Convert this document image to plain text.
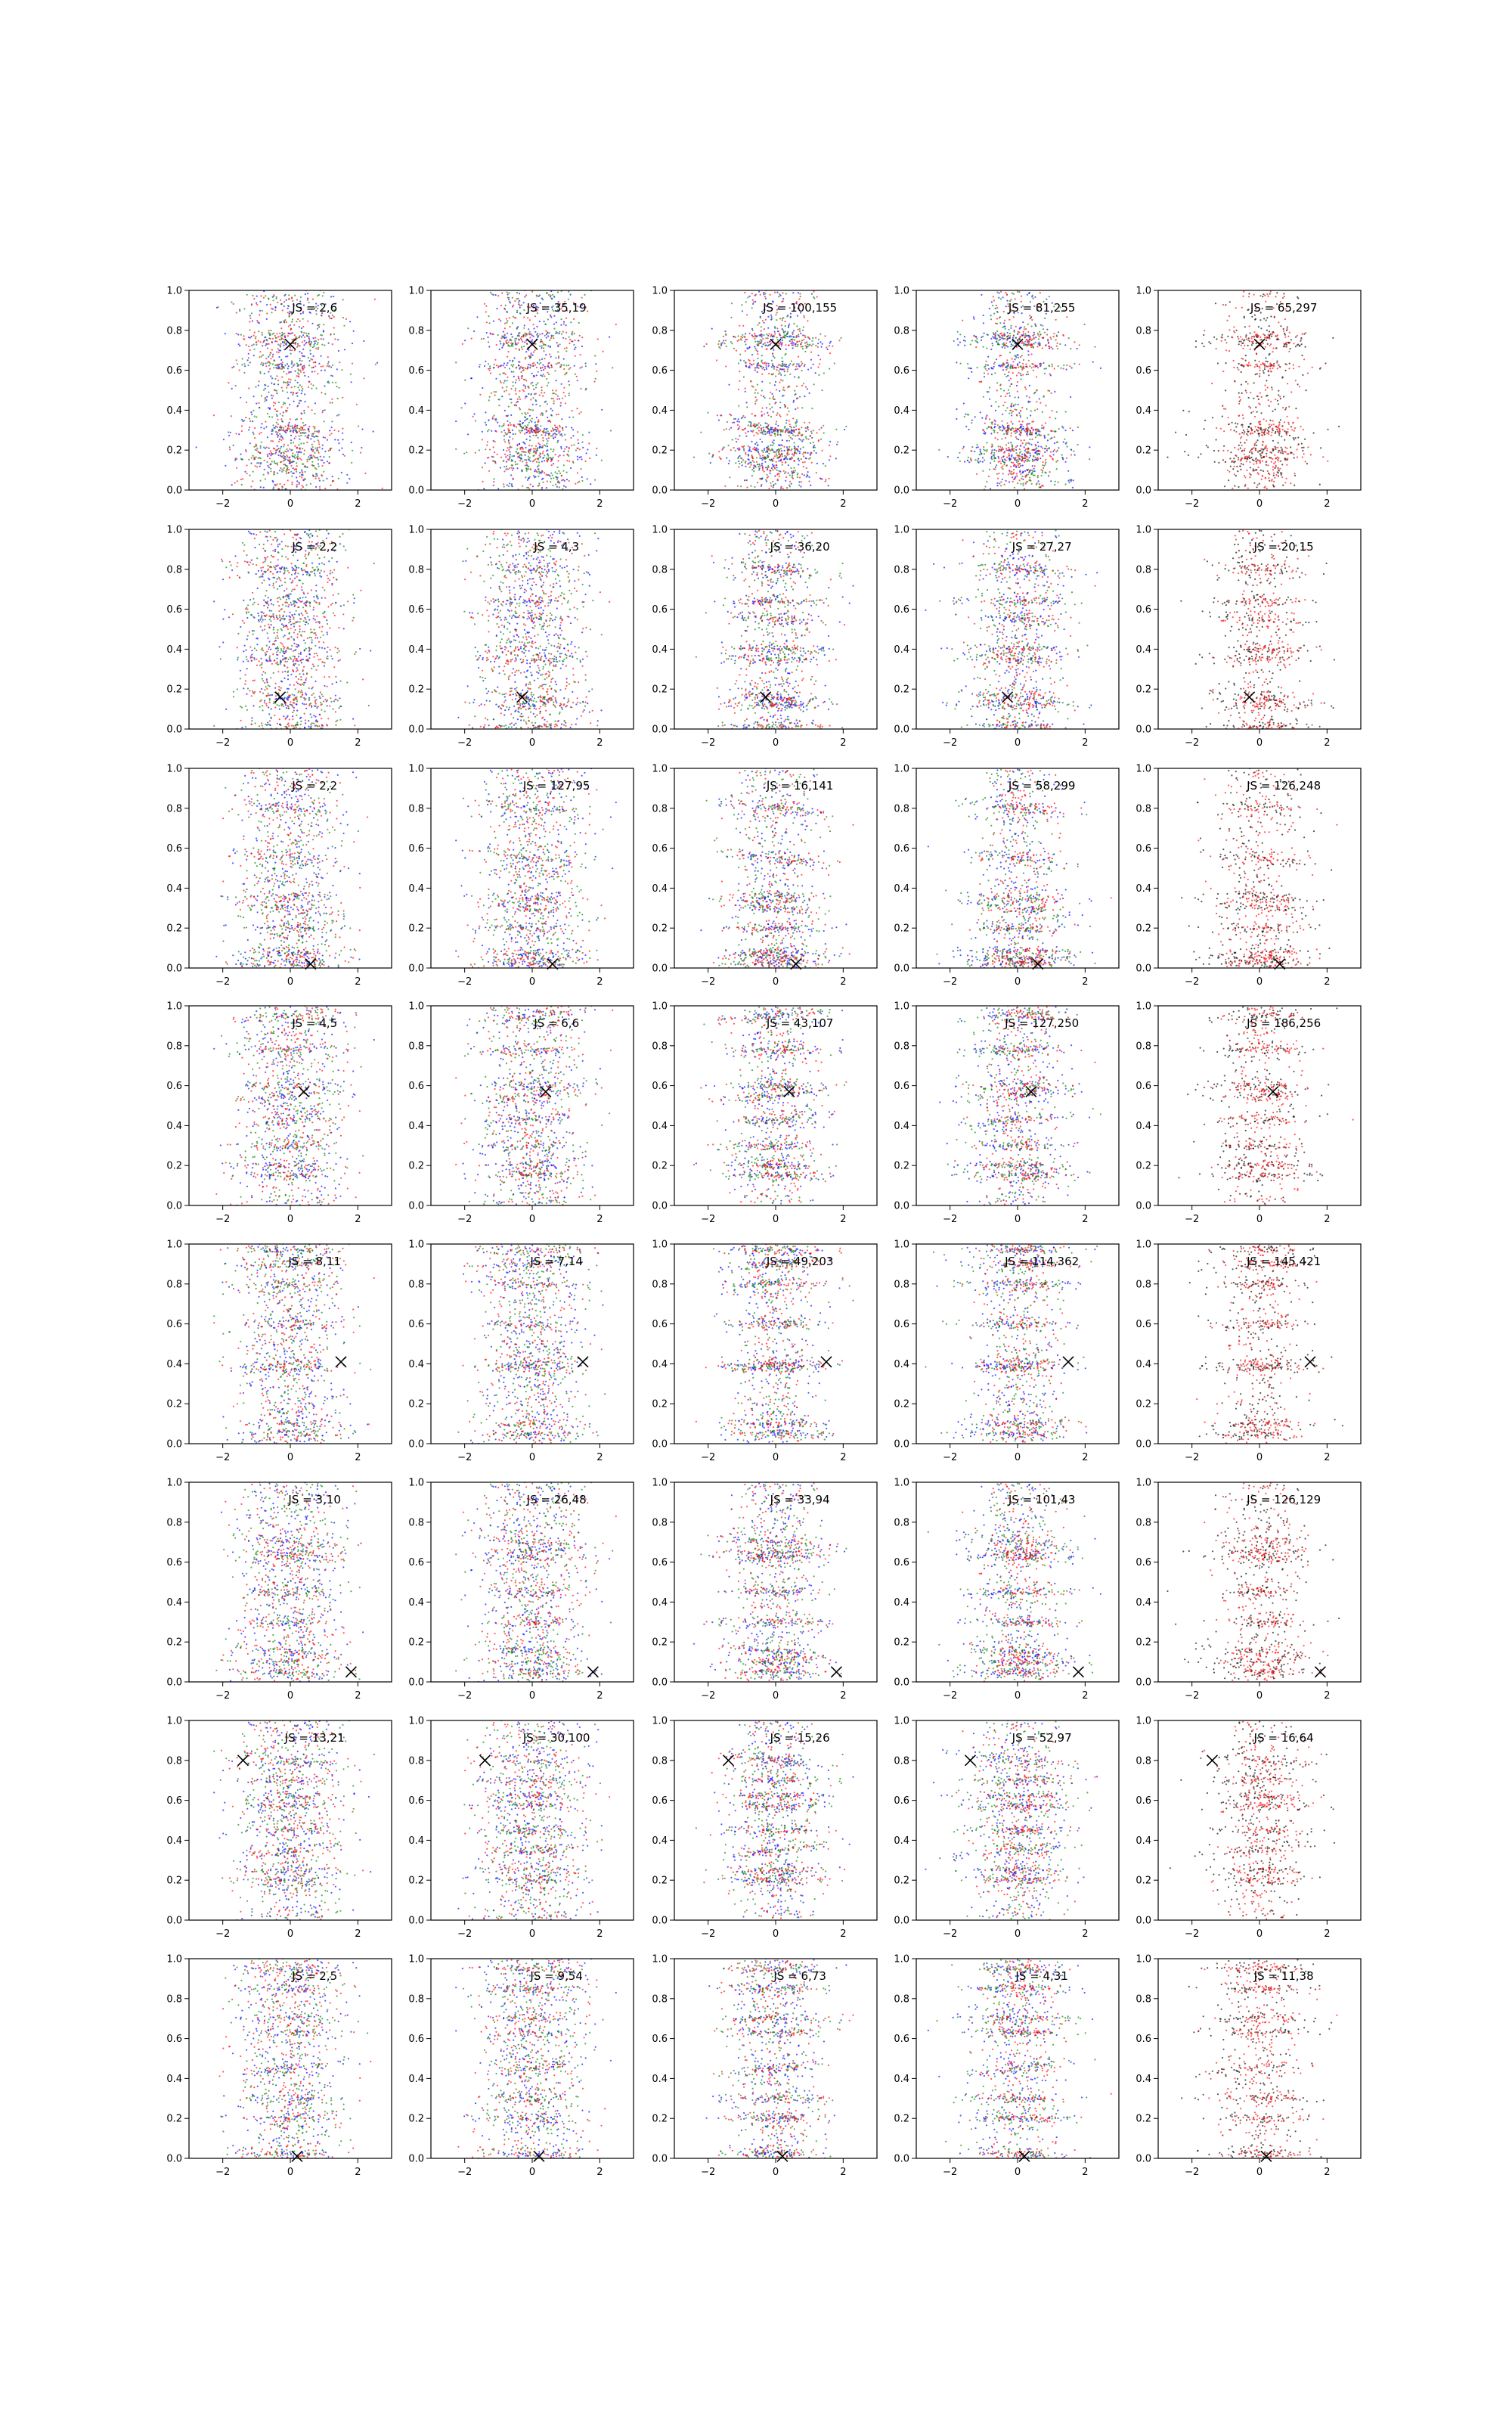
−2	0	2
0.0
0.2
0.4
0.6
0.8
1.0
JS = 2,6
−2	0	2
0.0
0.2
0.4
0.6
0.8
1.0
JS = 35,19
−2	0	2
0.0
0.2
0.4
0.6
0.8
1.0
JS = 100,155
−2	0	2
0.0
0.2
0.4
0.6
0.8
1.0
JS = 81,255
−2	0	2
0.0
0.2
0.4
0.6
0.8
1.0
JS = 65,297
−2	0	2
0.0
0.2
0.4
0.6
0.8
1.0
JS = 2,2
−2	0	2
0.0
0.2
0.4
0.6
0.8
1.0
JS = 4,3
−2	0	2
0.0
0.2
0.4
0.6
0.8
1.0
JS = 36,20
−2	0	2
0.0
0.2
0.4
0.6
0.8
1.0
JS = 27,27
−2	0	2
0.0
0.2
0.4
0.6
0.8
1.0
JS = 20,15
−2	0	2
0.0
0.2
0.4
0.6
0.8
1.0
JS = 2,2
−2	0	2
0.0
0.2
0.4
0.6
0.8
1.0
JS = 127,95
−2	0	2
0.0
0.2
0.4
0.6
0.8
1.0
JS = 16,141
−2	0	2
0.0
0.2
0.4
0.6
0.8
1.0
JS = 58,299
−2	0	2
0.0
0.2
0.4
0.6
0.8
1.0
JS = 126,248
−2	0	2
0.0
0.2
0.4
0.6
0.8
1.0
JS = 4,5
−2	0	2
0.0
0.2
0.4
0.6
0.8
1.0
JS = 6,6
−2	0	2
0.0
0.2
0.4
0.6
0.8
1.0
JS = 43,107
−2	0	2
0.0
0.2
0.4
0.6
0.8
1.0
JS = 127,250
−2	0	2
0.0
0.2
0.4
0.6
0.8
1.0
JS = 186,256
−2	0	2
0.0
0.2
0.4
0.6
0.8
1.0
JS = 8,11
−2	0	2
0.0
0.2
0.4
0.6
0.8
1.0
JS = 7,14
−2	0	2
0.0
0.2
0.4
0.6
0.8
1.0
JS = 49,203
−2	0	2
0.0
0.2
0.4
0.6
0.8
1.0
JS = 114,362
−2	0	2
0.0
0.2
0.4
0.6
0.8
1.0
JS = 145,421
−2	0	2
0.0
0.2
0.4
0.6
0.8
1.0
JS = 3,10
−2	0	2
0.0
0.2
0.4
0.6
0.8
1.0
JS = 26,48
−2	0	2
0.0
0.2
0.4
0.6
0.8
1.0
JS = 33,94
−2	0	2
0.0
0.2
0.4
0.6
0.8
1.0
JS = 101,43
−2	0	2
0.0
0.2
0.4
0.6
0.8
1.0
JS = 126,129
−2	0	2
0.0
0.2
0.4
0.6
0.8
1.0
JS = 13,21
−2	0	2
0.0
0.2
0.4
0.6
0.8
1.0
JS = 30,100
−2	0	2
0.0
0.2
0.4
0.6
0.8
1.0
JS = 15,26
−2	0	2
0.0
0.2
0.4
0.6
0.8
1.0
JS = 52,97
−2	0	2
0.0
0.2
0.4
0.6
0.8
1.0
JS = 16,64
−2	0	2
0.0
0.2
0.4
0.6
0.8
1.0
JS = 2,5
−2	0	2
0.0
0.2
0.4
0.6
0.8
1.0
JS = 9,54
−2	0	2
0.0
0.2
0.4
0.6
0.8
1.0
JS = 6,73
−2	0	2
0.0
0.2
0.4
0.6
0.8
1.0
JS = 4,31
−2	0	2
0.0
0.2
0.4
0.6
0.8
1.0
JS = 11,38
